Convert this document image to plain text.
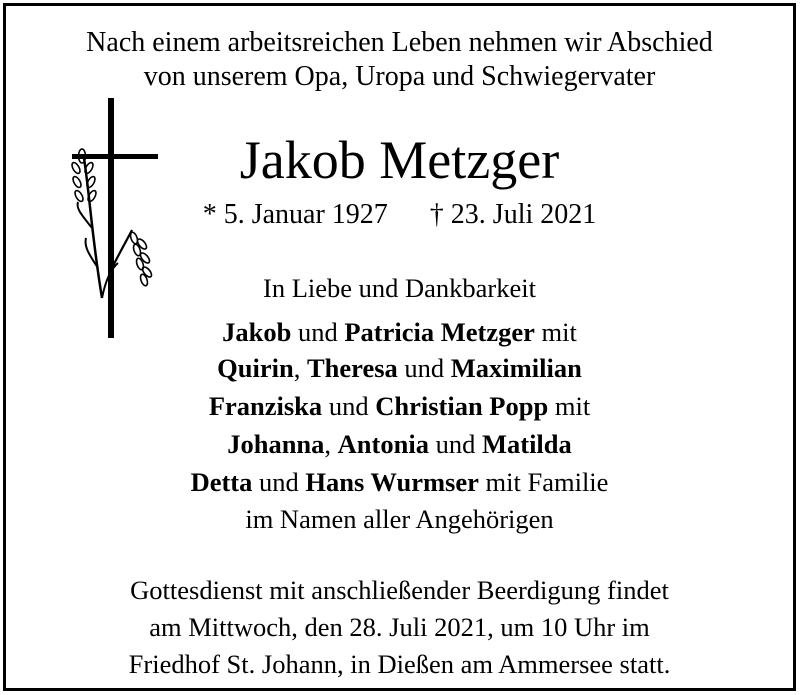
Nach einem arbeitsreichen Leben nehmen wir Abschied
von unserem Opa, Uropa und Schwiegervater
Jakob Metzger
* 5. Januar 1927 † 23. Juli 2021
In Liebe und Dankbarkeit
Jakob und Patricia Metzger mit
Quirin, Theresa und Maximilian
Franziska und Christian Popp mit
Johanna, Antonia und Matilda
Detta und Hans Wurmser mit Familie
im Namen aller Angehörigen
Gottesdienst mit anschließender Beerdigung findet
am Mittwoch, den 28. Juli 2021, um 10 Uhr im
Friedhof St. Johann, in Dießen am Ammersee statt.
